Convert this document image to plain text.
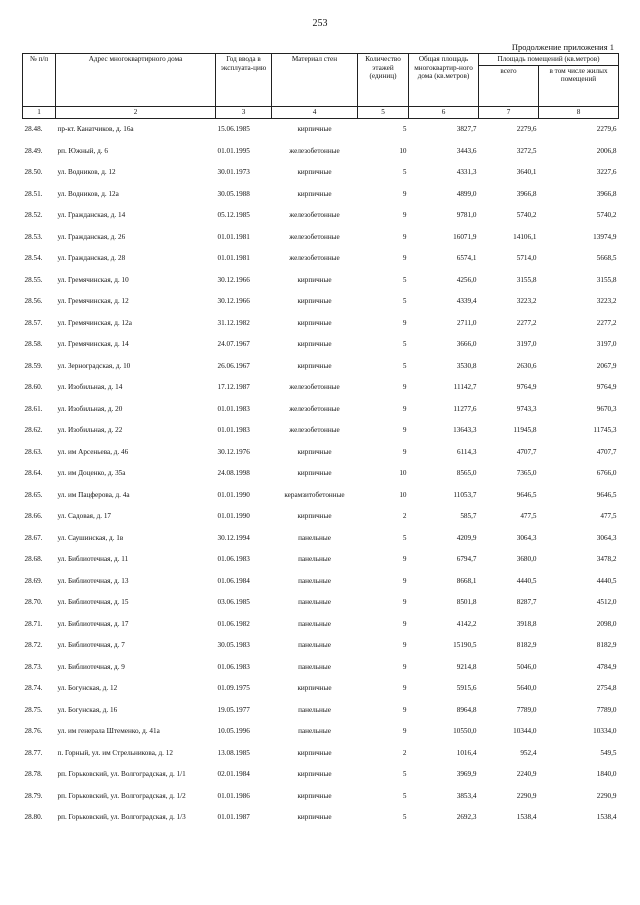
253
Продолжение приложения 1
№ п/п	Адрес многоквартирного дома	Год ввода в эксплуата-цию	Материал стен	Количество этажей (единиц)	Общая площадь многоквартир-ного дома (кв.метров)	Площадь помещений (кв.метров)	
						всего	в том числе жилых помещений
1	2	3	4	5	6	7	8
28.48.	пр-кт. Канатчиков, д. 16а	15.06.1985	кирпичные	5	3827,7	2279,6	2279,6
28.49.	рп. Южный, д. 6	01.01.1995	железобетонные	10	3443,6	3272,5	2006,8
28.50.	ул. Водников, д. 12	30.01.1973	кирпичные	5	4331,3	3640,1	3227,6
28.51.	ул. Водников, д. 12а	30.05.1988	кирпичные	9	4899,0	3966,8	3966,8
28.52.	ул. Гражданская, д. 14	05.12.1985	железобетонные	9	9781,0	5740,2	5740,2
28.53.	ул. Гражданская, д. 26	01.01.1981	железобетонные	9	16071,9	14106,1	13974,9
28.54.	ул. Гражданская, д. 28	01.01.1981	железобетонные	9	6574,1	5714,0	5668,5
28.55.	ул. Гремячинская, д. 10	30.12.1966	кирпичные	5	4256,0	3155,8	3155,8
28.56.	ул. Гремячинская, д. 12	30.12.1966	кирпичные	5	4339,4	3223,2	3223,2
28.57.	ул. Гремячинская, д. 12а	31.12.1982	кирпичные	9	2711,0	2277,2	2277,2
28.58.	ул. Гремячинская, д. 14	24.07.1967	кирпичные	5	3666,0	3197,0	3197,0
28.59.	ул. Зерноградская, д. 10	26.06.1967	кирпичные	5	3530,8	2630,6	2067,9
28.60.	ул. Изобильная, д. 14	17.12.1987	железобетонные	9	11142,7	9764,9	9764,9
28.61.	ул. Изобильная, д. 20	01.01.1983	железобетонные	9	11277,6	9743,3	9670,3
28.62.	ул. Изобильная, д. 22	01.01.1983	железобетонные	9	13643,3	11945,8	11745,3
28.63.	ул. им Арсеньева, д. 46	30.12.1976	кирпичные	9	6114,3	4707,7	4707,7
28.64.	ул. им Доценко, д. 35а	24.08.1998	кирпичные	10	8565,0	7365,0	6766,0
28.65.	ул. им Пацферова, д. 4а	01.01.1990	керамзитобетонные	10	11053,7	9646,5	9646,5
28.66.	ул. Садовая, д. 17	01.01.1990	кирпичные	2	585,7	477,5	477,5
28.67.	ул. Саушинская, д. 1в	30.12.1994	панельные	5	4209,9	3064,3	3064,3
28.68.	ул. Библиотечная, д. 11	01.06.1983	панельные	9	6794,7	3680,0	3478,2
28.69.	ул. Библиотечная, д. 13	01.06.1984	панельные	9	8668,1	4440,5	4440,5
28.70.	ул. Библиотечная, д. 15	03.06.1985	панельные	9	8501,8	8287,7	4512,0
28.71.	ул. Библиотечная, д. 17	01.06.1982	панельные	9	4142,2	3918,8	2098,0
28.72.	ул. Библиотечная, д. 7	30.05.1983	панельные	9	15190,5	8182,9	8182,9
28.73.	ул. Библиотечная, д. 9	01.06.1983	панельные	9	9214,8	5046,0	4784,9
28.74.	ул. Богунская, д. 12	01.09.1975	кирпичные	9	5915,6	5640,0	2754,8
28.75.	ул. Богунская, д. 16	19.05.1977	панельные	9	8964,8	7789,0	7789,0
28.76.	ул. им генерала Штеменко, д. 41а	10.05.1996	панельные	9	10550,0	10344,0	10334,0
28.77.	п. Горный, ул. им Стрельникова, д. 12	13.08.1985	кирпичные	2	1016,4	952,4	549,5
28.78.	рп. Горьковский, ул. Волгоградская, д. 1/1	02.01.1984	кирпичные	5	3969,9	2240,9	1840,0
28.79.	рп. Горьковский, ул. Волгоградская, д. 1/2	01.01.1986	кирпичные	5	3853,4	2290,9	2290,9
28.80.	рп. Горьковский, ул. Волгоградская, д. 1/3	01.01.1987	кирпичные	5	2692,3	1538,4	1538,4
